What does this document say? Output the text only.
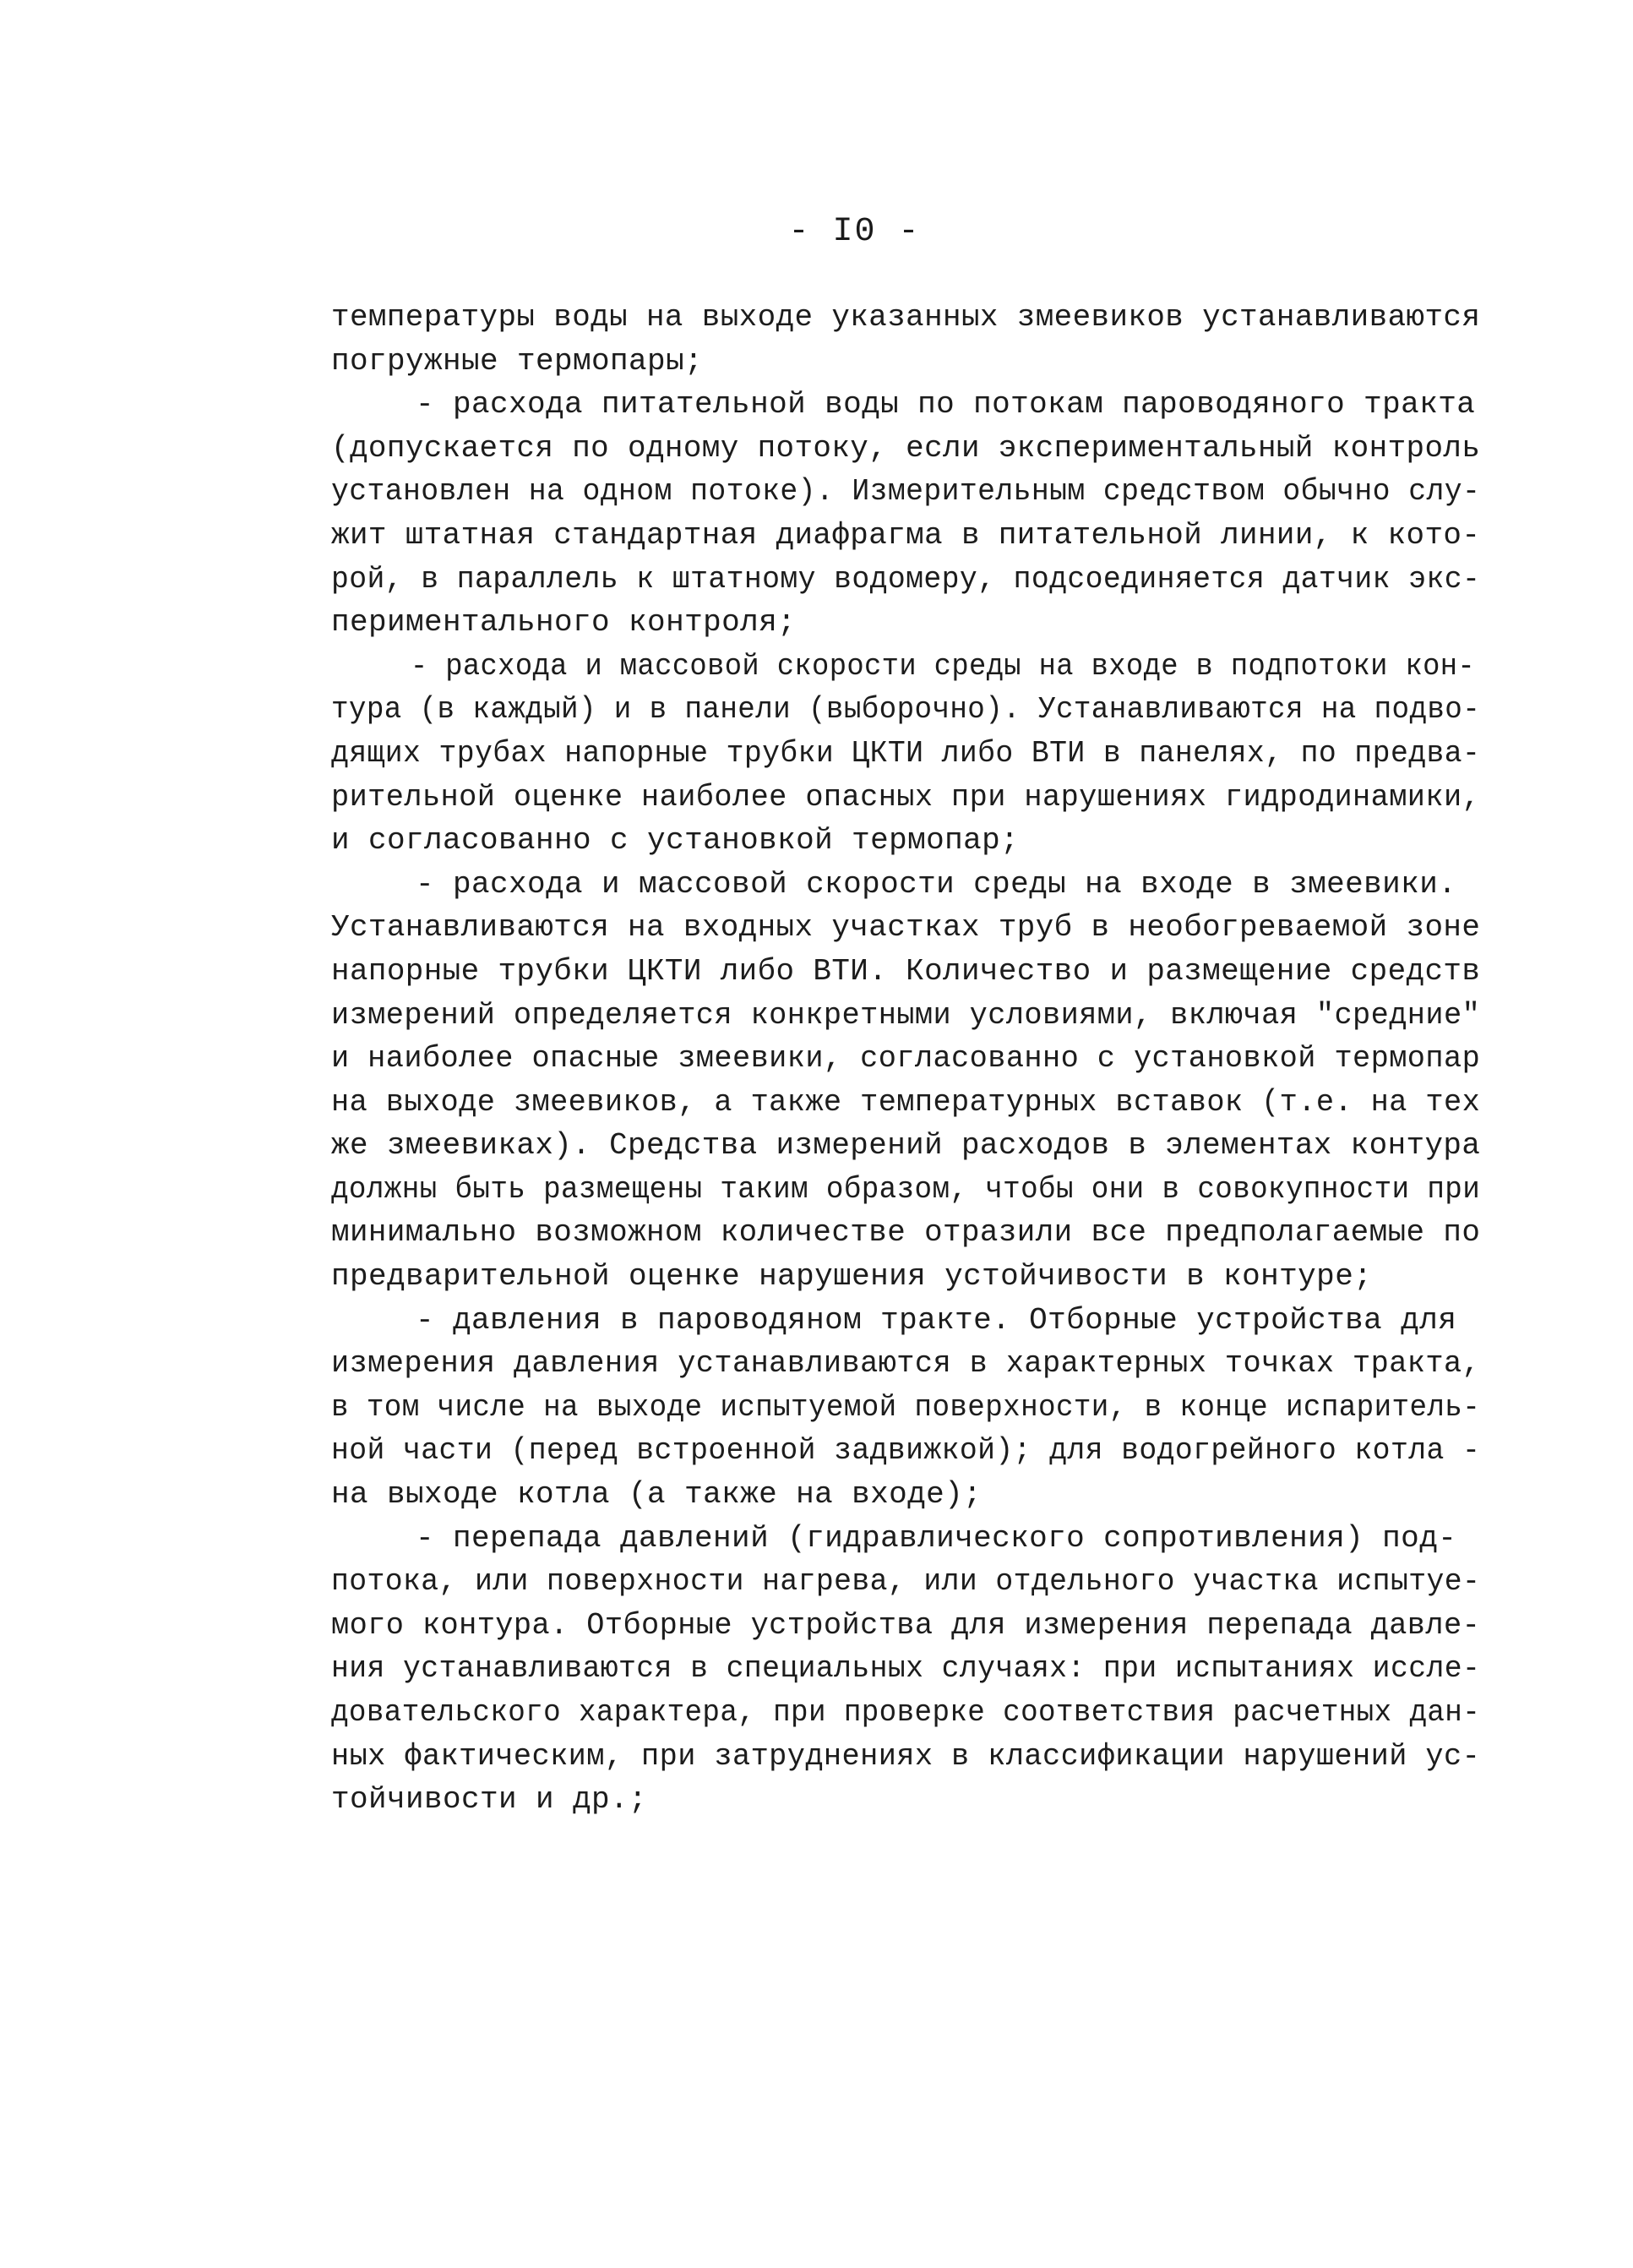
- I0 -
температуры воды на выходе указанных змеевиков устанавливаются
погружные термопары;
- расхода питательной воды по потокам пароводяного тракта
(допускается по одному потоку, если экспериментальный контроль
установлен на одном потоке). Измерительным средством обычно слу-
жит штатная стандартная диафрагма в питательной линии, к кото-
рой, в параллель к штатному водомеру, подсоединяется датчик экс-
периментального контроля;
- расхода и массовой скорости среды на входе в подпотоки кон-
тура (в каждый) и в панели (выборочно). Устанавливаются на подво-
дящих трубах напорные трубки ЦКТИ либо ВТИ в панелях, по предва-
рительной оценке наиболее опасных при нарушениях гидродинамики,
и согласованно с установкой термопар;
- расхода и массовой скорости среды на входе в змеевики.
Устанавливаются на входных участках труб в необогреваемой зоне
напорные трубки ЦКТИ либо ВТИ. Количество и размещение средств
измерений определяется конкретными условиями, включая "средние"
и наиболее опасные змеевики, согласованно с установкой термопар
на выходе змеевиков, а также температурных вставок (т.е. на тех
же змеевиках). Средства измерений расходов в элементах контура
должны быть размещены таким образом, чтобы они в совокупности при
минимально возможном количестве отразили все предполагаемые по
предварительной оценке нарушения устойчивости в контуре;
- давления в пароводяном тракте. Отборные устройства для
измерения давления устанавливаются в характерных точках тракта,
в том числе на выходе испытуемой поверхности, в конце испаритель-
ной части (перед встроенной задвижкой); для водогрейного котла -
на выходе котла (а также на входе);
- перепада давлений (гидравлического сопротивления) под-
потока, или поверхности нагрева, или отдельного участка испытуе-
мого контура. Отборные устройства для измерения перепада давле-
ния устанавливаются в специальных случаях: при испытаниях иссле-
довательского характера, при проверке соответствия расчетных дан-
ных фактическим, при затруднениях в классификации нарушений ус-
тойчивости и др.;
